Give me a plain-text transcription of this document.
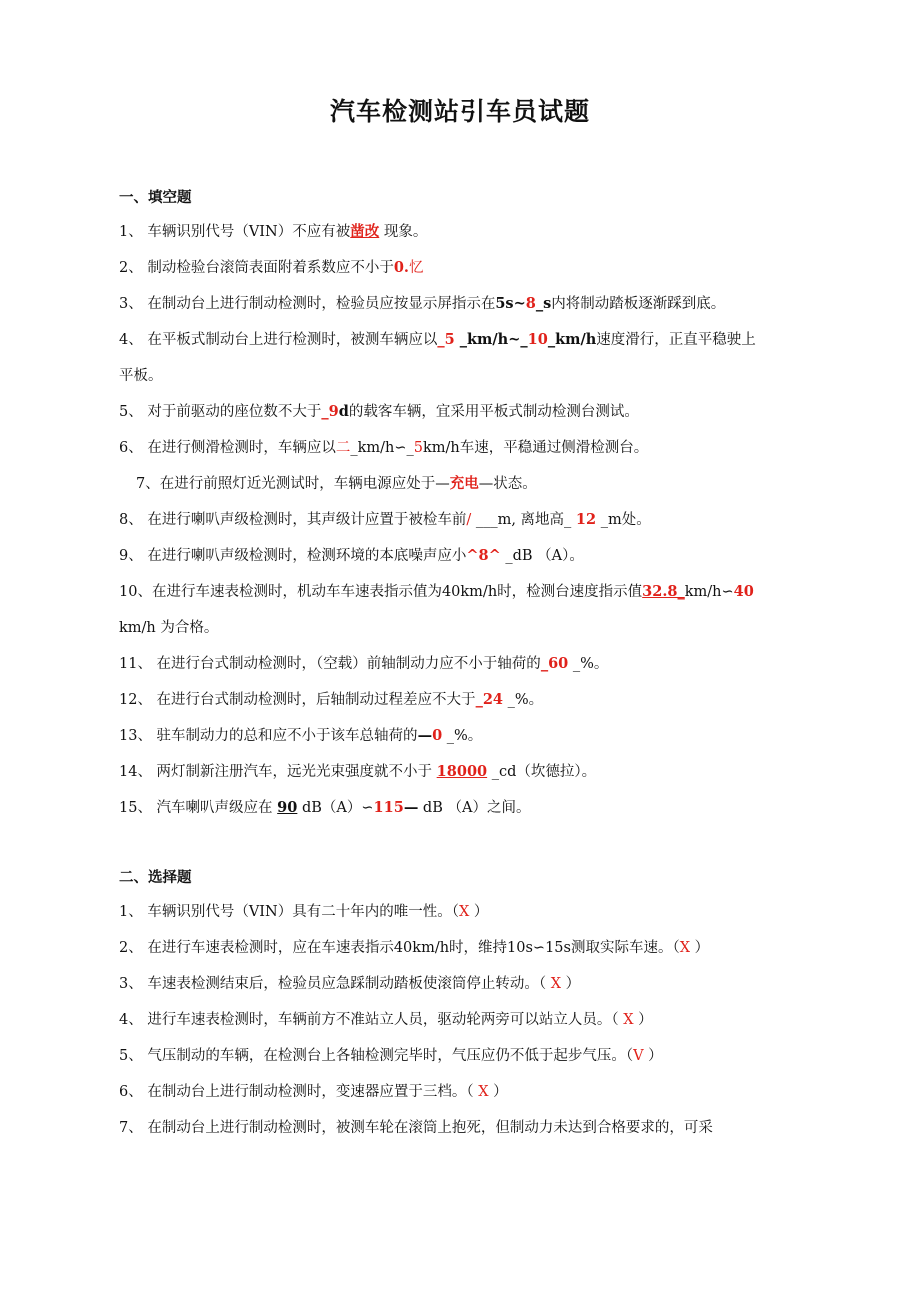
汽车检测站引车员试题
一、填空题
1、 车辆识别代号（VIN）不应有被凿改 现象。
2、 制动检验台滚筒表面附着系数应不小于0.忆
3、 在制动台上进行制动检测时，检验员应按显示屏指示在5s~8_s内将制动踏板逐渐踩到底。
4、 在平板式制动台上进行检测时，被测车辆应以_5 _km/h~_10_km/h速度滑行，正直平稳驶上
平板。
5、 对于前驱动的座位数不大于_9d的载客车辆，宜采用平板式制动检测台测试。
6、 在进行侧滑检测时，车辆应以二_km/h∽_5km/h车速，平稳通过侧滑检测台。
7、在进行前照灯近光测试时，车辆电源应处于—充电—状态。
8、 在进行喇叭声级检测时，其声级计应置于被检车前/ ___m, 离地高_ 12 _m处。
9、 在进行喇叭声级检测时，检测环境的本底噪声应小^8^ _dB （A）。
10、在进行车速表检测时，机动车车速表指示值为40km/h时，检测台速度指示值32.8_km/h∽40
km/h 为合格。
11、 在进行台式制动检测时，（空载）前轴制动力应不小于轴荷的_60 _%。
12、 在进行台式制动检测时，后轴制动过程差应不大于_24 _%。
13、 驻车制动力的总和应不小于该车总轴荷的—0 _%。
14、 两灯制新注册汽车，远光光束强度就不小于 18000 _cd（坎德拉）。
15、 汽车喇叭声级应在 90 dB（A）∽115— dB （A）之间。
二、选择题
1、 车辆识别代号（VIN）具有二十年内的唯一性。（X ）
2、 在进行车速表检测时，应在车速表指示40km/h时，维持10s∽15s测取实际车速。（X ）
3、 车速表检测结束后，检验员应急踩制动踏板使滚筒停止转动。（ X ）
4、 进行车速表检测时，车辆前方不准站立人员，驱动轮两旁可以站立人员。（ X ）
5、 气压制动的车辆，在检测台上各轴检测完毕时，气压应仍不低于起步气压。（V ）
6、 在制动台上进行制动检测时，变速器应置于三档。（ X ）
7、 在制动台上进行制动检测时，被测车轮在滚筒上抱死，但制动力未达到合格要求的，可采
